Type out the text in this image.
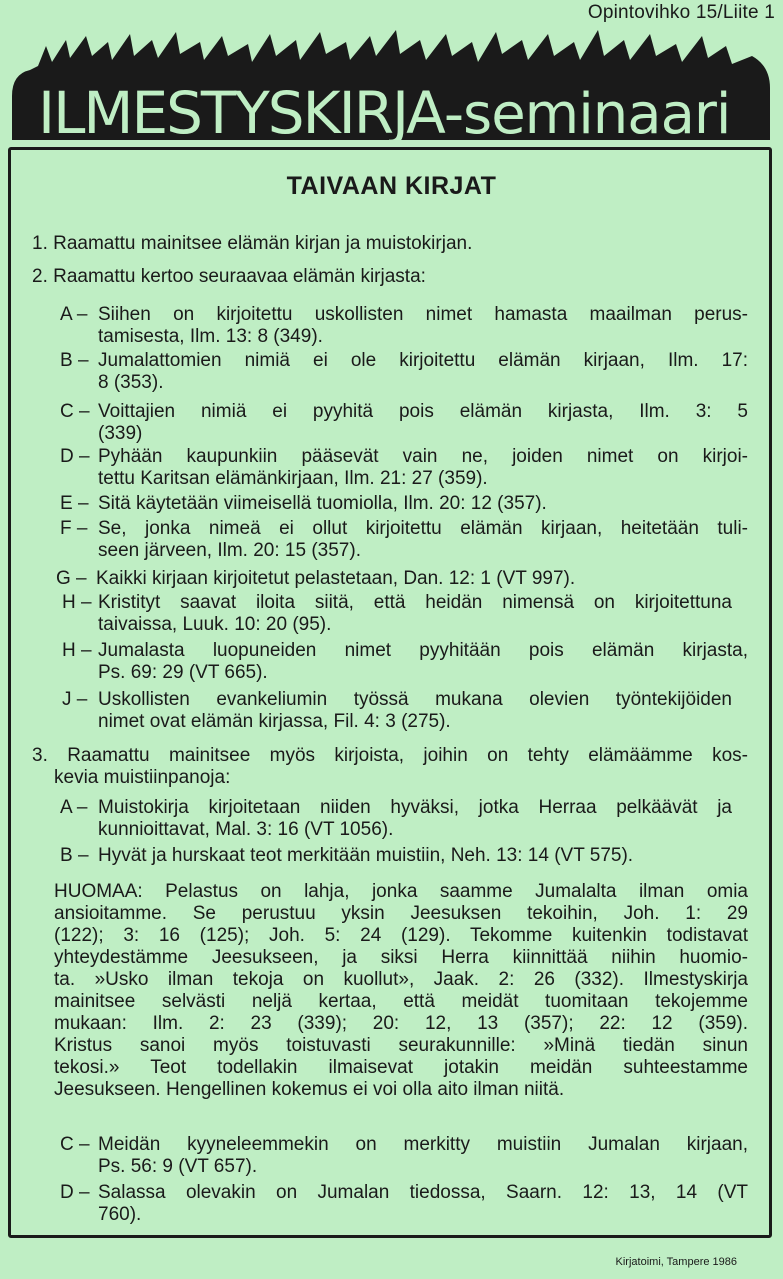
Opintovihko 15/Liite 1
ILMESTYSKIRJA-seminaari
TAIVAAN KIRJAT
1. Raamattu mainitsee elämän kirjan ja muistokirjan.
2. Raamattu kertoo seuraavaa elämän kirjasta:
A – Siihen on kirjoitettu uskollisten nimet hamasta maailman perus-
tamisesta, Ilm. 13: 8 (349).
B – Jumalattomien nimiä ei ole kirjoitettu elämän kirjaan, Ilm. 17:
8 (353).
C – Voittajien nimiä ei pyyhitä pois elämän kirjasta, Ilm. 3: 5
(339)
D – Pyhään kaupunkiin pääsevät vain ne, joiden nimet on kirjoi-
tettu Karitsan elämänkirjaan, Ilm. 21: 27 (359).
E – Sitä käytetään viimeisellä tuomiolla, Ilm. 20: 12 (357).
F – Se, jonka nimeä ei ollut kirjoitettu elämän kirjaan, heitetään tuli-
seen järveen, Ilm. 20: 15 (357).
G – Kaikki kirjaan kirjoitetut pelastetaan, Dan. 12: 1 (VT 997).
H – Kristityt saavat iloita siitä, että heidän nimensä on kirjoitettuna
taivaissa, Luuk. 10: 20 (95).
H – Jumalasta luopuneiden nimet pyyhitään pois elämän kirjasta,
Ps. 69: 29 (VT 665).
J – Uskollisten evankeliumin työssä mukana olevien työntekijöiden
nimet ovat elämän kirjassa, Fil. 4: 3 (275).
3. Raamattu mainitsee myös kirjoista, joihin on tehty elämäämme kos-
kevia muistiinpanoja:
A – Muistokirja kirjoitetaan niiden hyväksi, jotka Herraa pelkäävät ja
kunnioittavat, Mal. 3: 16 (VT 1056).
B – Hyvät ja hurskaat teot merkitään muistiin, Neh. 13: 14 (VT 575).
HUOMAA: Pelastus on lahja, jonka saamme Jumalalta ilman omia
ansioitamme. Se perustuu yksin Jeesuksen tekoihin, Joh. 1: 29
(122); 3: 16 (125); Joh. 5: 24 (129). Tekomme kuitenkin todistavat
yhteydestämme Jeesukseen, ja siksi Herra kiinnittää niihin huomio-
ta. »Usko ilman tekoja on kuollut», Jaak. 2: 26 (332). Ilmestyskirja
mainitsee selvästi neljä kertaa, että meidät tuomitaan tekojemme
mukaan: Ilm. 2: 23 (339); 20: 12, 13 (357); 22: 12 (359).
Kristus sanoi myös toistuvasti seurakunnille: »Minä tiedän sinun
tekosi.» Teot todellakin ilmaisevat jotakin meidän suhteestamme
Jeesukseen. Hengellinen kokemus ei voi olla aito ilman niitä.
C – Meidän kyyneleemmekin on merkitty muistiin Jumalan kirjaan,
Ps. 56: 9 (VT 657).
D – Salassa olevakin on Jumalan tiedossa, Saarn. 12: 13, 14 (VT
760).
Kirjatoimi, Tampere 1986
